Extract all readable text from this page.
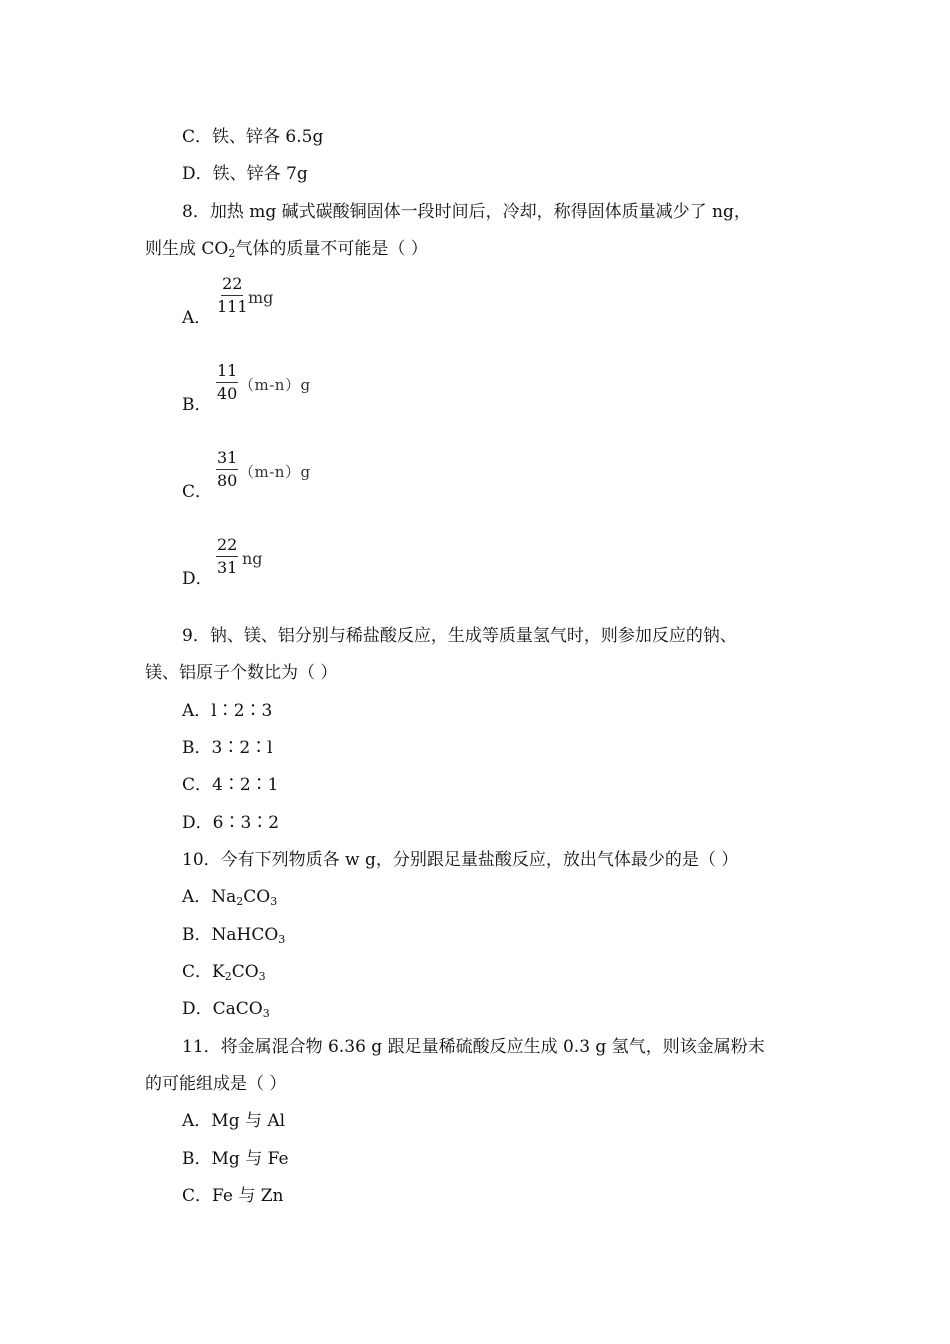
C．铁、锌各 6.5g
D．铁、锌各 7g
8．加热 mg 碱式碳酸铜固体一段时间后，冷却，称得固体质量减少了 ng，
则生成 $CO_2$气体的质量不可能是（ ）
A． $\frac{22}{111}$ mg
B． $\frac{11}{40} (m-n)g$
C． $\frac{31}{80} (m-n)g$
D． $\frac{22}{31}$ ng
9．钠、镁、铝分别与稀盐酸反应，生成等质量氢气时，则参加反应的钠、
镁、铝原子个数比为（ ）
A．l∶2∶3
B．3∶2∶l
C．4∶2∶1
D．6∶3∶2
10．今有下列物质各 w g，分别跟足量盐酸反应，放出气体最少的是（ ）
A．$Na_2CO_3$
B．NaHCO$_3$
C．$K_2CO_3$
D．CaCO$_3$
11．将金属混合物 6.36 g 跟足量稀硫酸反应生成 0.3 g 氢气，则该金属粉末
的可能组成是（ ）
A．Mg 与 Al
B．Mg 与 Fe
C．Fe 与 Zn
